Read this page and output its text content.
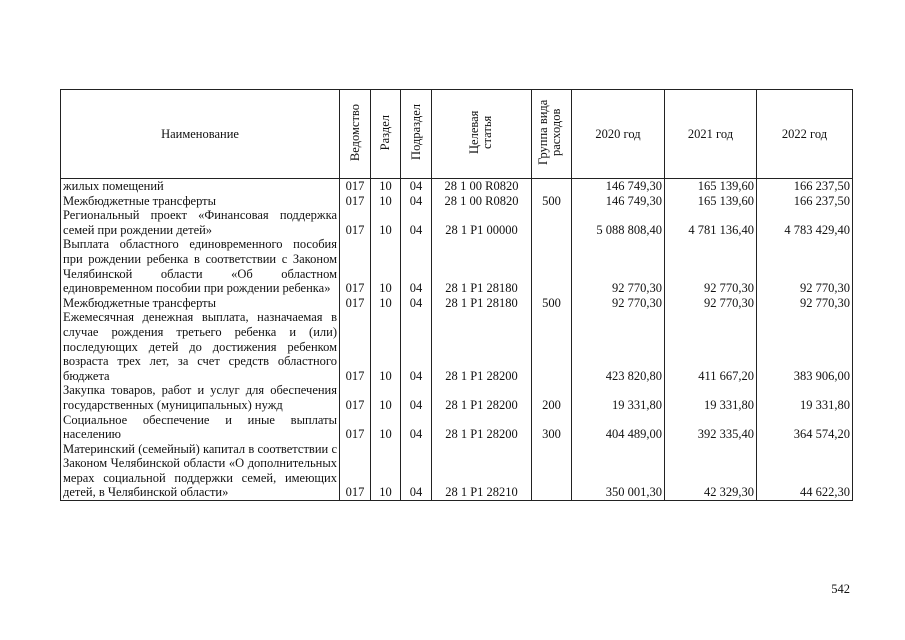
Наименование	Ведомство	Раздел	Подраздел	Целевая статья	Группа вида расходов	2020 год	2021 год	2022 год
жилых помещений	017	10	04	28 1 00 R0820		146 749,30	165 139,60	166 237,50
Межбюджетные трансферты	017	10	04	28 1 00 R0820	500	146 749,30	165 139,60	166 237,50
Региональный проект «Финансовая поддержка семей при рождении детей»	017	10	04	28 1 P1 00000		5 088 808,40	4 781 136,40	4 783 429,40
Выплата областного единовременного пособия при рождении ребенка в соответствии с Законом Челябинской области «Об областном единовременном пособии при рождении ребенка»	017	10	04	28 1 P1 28180		92 770,30	92 770,30	92 770,30
Межбюджетные трансферты	017	10	04	28 1 P1 28180	500	92 770,30	92 770,30	92 770,30
Ежемесячная денежная выплата, назначаемая в случае рождения третьего ребенка и (или) последующих детей до достижения ребенком возраста трех лет, за счет средств областного бюджета	017	10	04	28 1 P1 28200		423 820,80	411 667,20	383 906,00
Закупка товаров, работ и услуг для обеспечения государственных (муниципальных) нужд	017	10	04	28 1 P1 28200	200	19 331,80	19 331,80	19 331,80
Социальное обеспечение и иные выплаты населению	017	10	04	28 1 P1 28200	300	404 489,00	392 335,40	364 574,20
Материнский (семейный) капитал в соответствии с Законом Челябинской области «О дополнительных мерах социальной поддержки семей, имеющих детей, в Челябинской области»	017	10	04	28 1 P1 28210		350 001,30	42 329,30	44 622,30
542
